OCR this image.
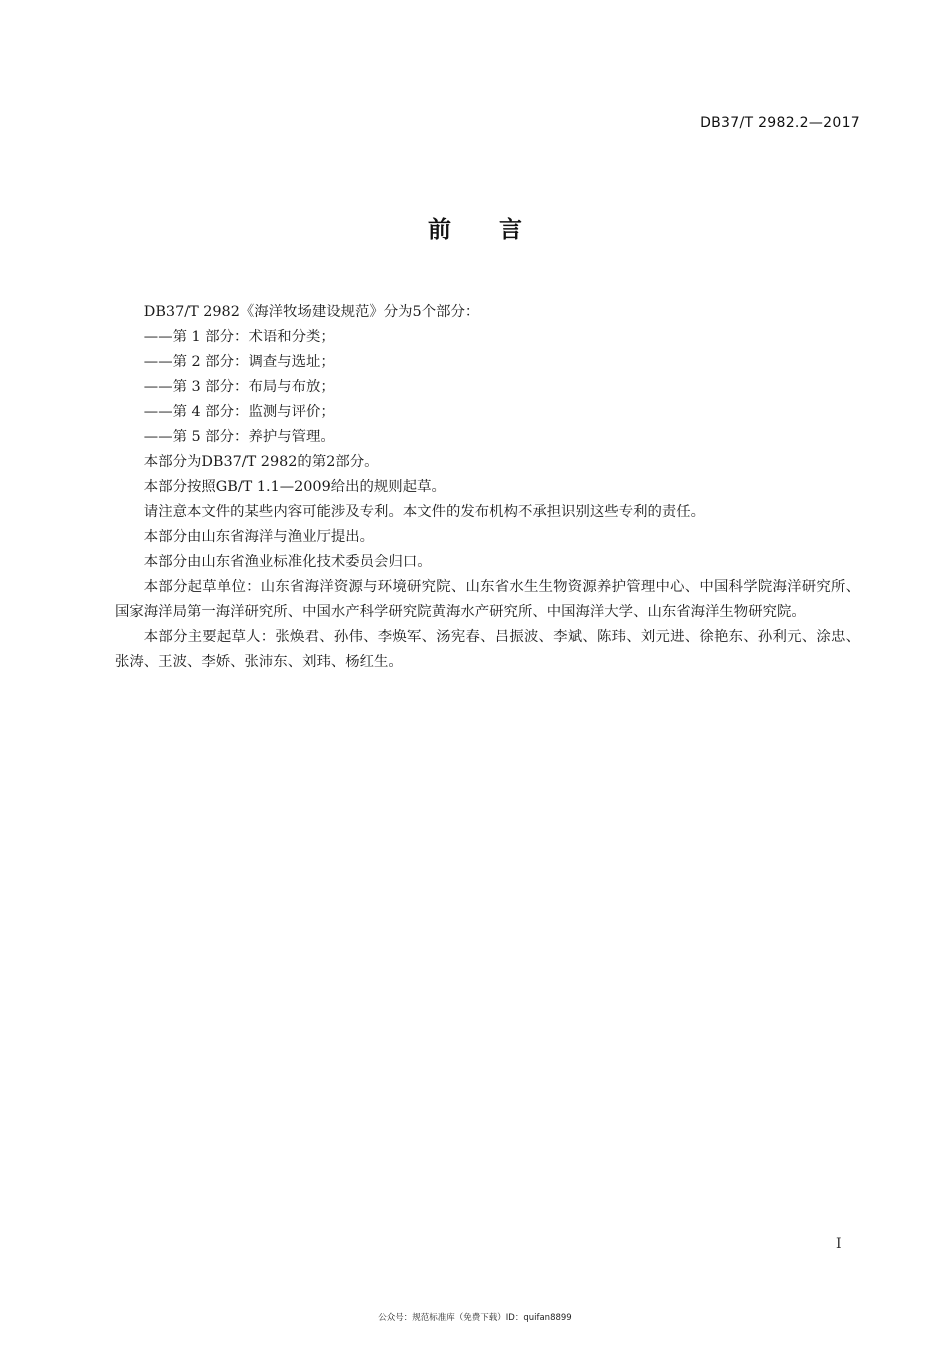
DB37/T 2982.2—2017
前 言

DB37/T 2982《海洋牧场建设规范》分为5个部分：

——第 1 部分：术语和分类；

——第 2 部分：调查与选址；

——第 3 部分：布局与布放；

——第 4 部分：监测与评价；

——第 5 部分：养护与管理。

本部分为DB37/T 2982的第2部分。

本部分按照GB/T 1.1—2009给出的规则起草。

请注意本文件的某些内容可能涉及专利。本文件的发布机构不承担识别这些专利的责任。

本部分由山东省海洋与渔业厅提出。

本部分由山东省渔业标准化技术委员会归口。

本部分起草单位：山东省海洋资源与环境研究院、山东省水生生物资源养护管理中心、中国科学院海洋研究所、国家海洋局第一海洋研究所、中国水产科学研究院黄海水产研究所、中国海洋大学、山东省海洋生物研究院。

本部分主要起草人：张焕君、孙伟、李焕军、汤宪春、吕振波、李斌、陈玮、刘元进、徐艳东、孙利元、涂忠、张涛、王波、李娇、张沛东、刘玮、杨红生。

I
公众号：规范标准库（免费下载）ID：quifan8899
